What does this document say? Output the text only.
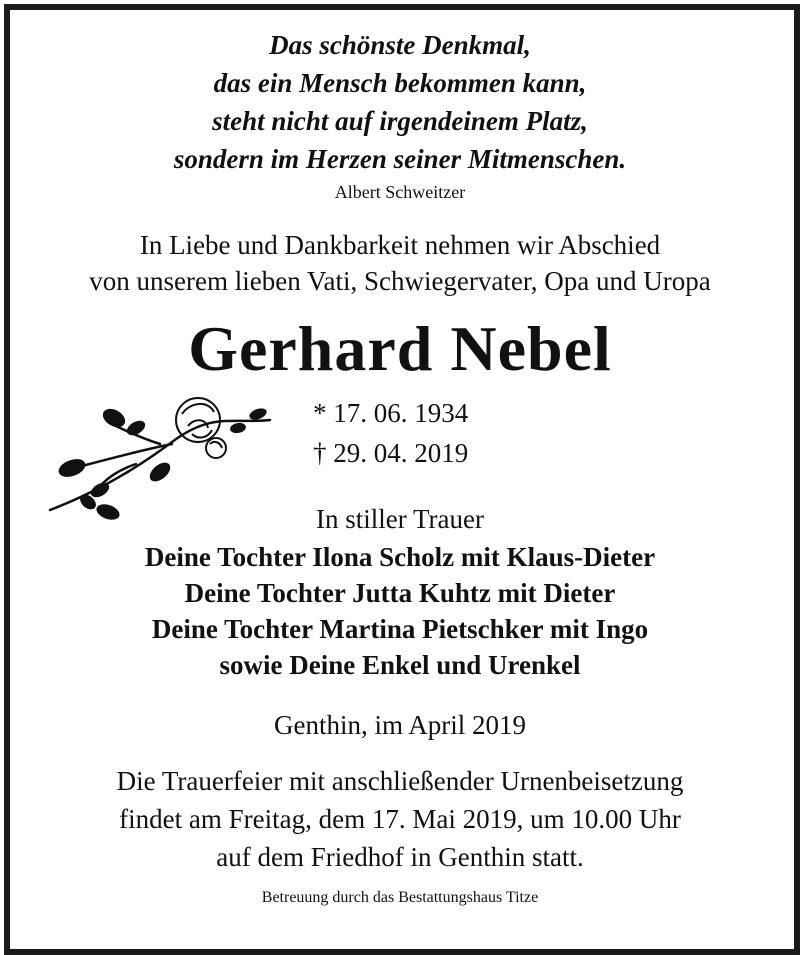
Das schönste Denkmal,
das ein Mensch bekommen kann,
steht nicht auf irgendeinem Platz,
sondern im Herzen seiner Mitmenschen.
Albert Schweitzer
In Liebe und Dankbarkeit nehmen wir Abschied
von unserem lieben Vati, Schwiegervater, Opa und Uropa
Gerhard Nebel
* 17. 06. 1934
† 29. 04. 2019
In stiller Trauer
Deine Tochter Ilona Scholz mit Klaus-Dieter
Deine Tochter Jutta Kuhtz mit Dieter
Deine Tochter Martina Pietschker mit Ingo
sowie Deine Enkel und Urenkel
Genthin, im April 2019
Die Trauerfeier mit anschließender Urnenbeisetzung
findet am Freitag, dem 17. Mai 2019, um 10.00 Uhr
auf dem Friedhof in Genthin statt.
Betreuung durch das Bestattungshaus Titze
